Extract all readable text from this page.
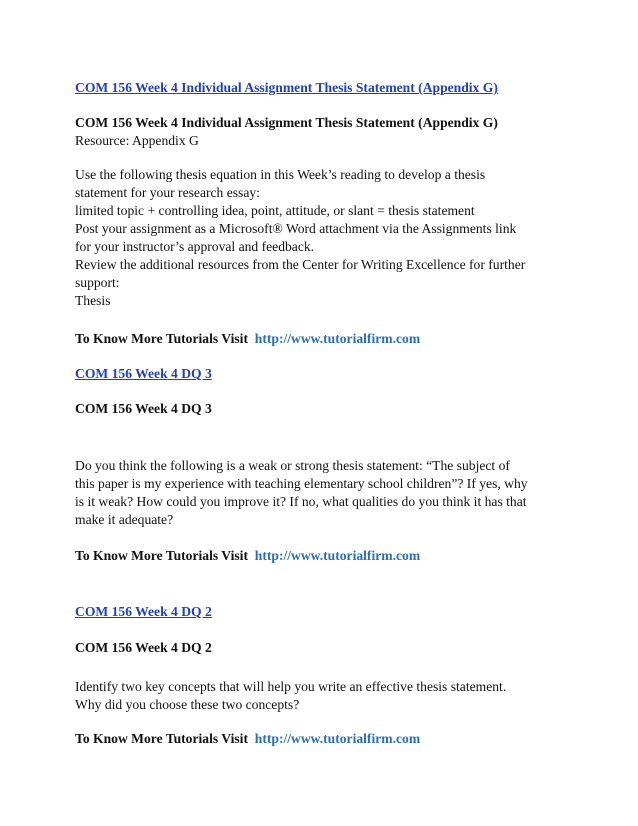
COM 156 Week 4 Individual Assignment Thesis Statement (Appendix G)
COM 156 Week 4 Individual Assignment Thesis Statement (Appendix G)
Resource: Appendix G
Use the following thesis equation in this Week’s reading to develop a thesis
statement for your research essay:
limited topic + controlling idea, point, attitude, or slant = thesis statement
Post your assignment as a Microsoft® Word attachment via the Assignments link
for your instructor’s approval and feedback.
Review the additional resources from the Center for Writing Excellence for further
support:
Thesis
To Know More Tutorials Visit http://www.tutorialfirm.com
COM 156 Week 4 DQ 3
COM 156 Week 4 DQ 3
Do you think the following is a weak or strong thesis statement: “The subject of
this paper is my experience with teaching elementary school children”? If yes, why
is it weak? How could you improve it? If no, what qualities do you think it has that
make it adequate?
To Know More Tutorials Visit http://www.tutorialfirm.com
COM 156 Week 4 DQ 2
COM 156 Week 4 DQ 2
Identify two key concepts that will help you write an effective thesis statement.
Why did you choose these two concepts?
To Know More Tutorials Visit http://www.tutorialfirm.com
